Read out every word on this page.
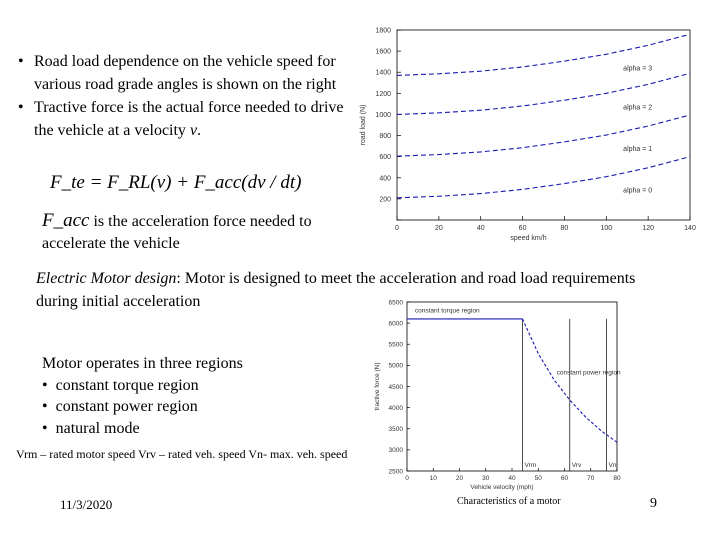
• Road load dependence on the vehicle speed for various road grade angles is shown on the right
• Tractive force is the actual force needed to drive the vehicle at a velocity v.
F_te = F_RL(v) + F_acc(dv / dt)
F_acc is the acceleration force needed to accelerate the vehicle
Electric Motor design: Motor is designed to meet the acceleration and road load requirements during initial acceleration
Motor operates in three regions
• constant torque region
• constant power region
• natural mode
Vrm – rated motor speed Vrv – rated veh. speed Vn- max. veh. speed
0	20	40	60	80	100	120	140
200
400
600
800
1000
1200
1400
1600
1800
speed km/h
road load (N)
alpha = 3
alpha = 2
alpha = 1
alpha = 0
0	10	20	30	40	50	60	70	80
2500
3000
3500
4000
4500
5000
5500
6000
6500
Vehicle velocity (mph)
tractive force (N)
constant torque region
constant power region
Vrm	Vrv	Vn
11/3/2020	Characteristics of a motor	9
